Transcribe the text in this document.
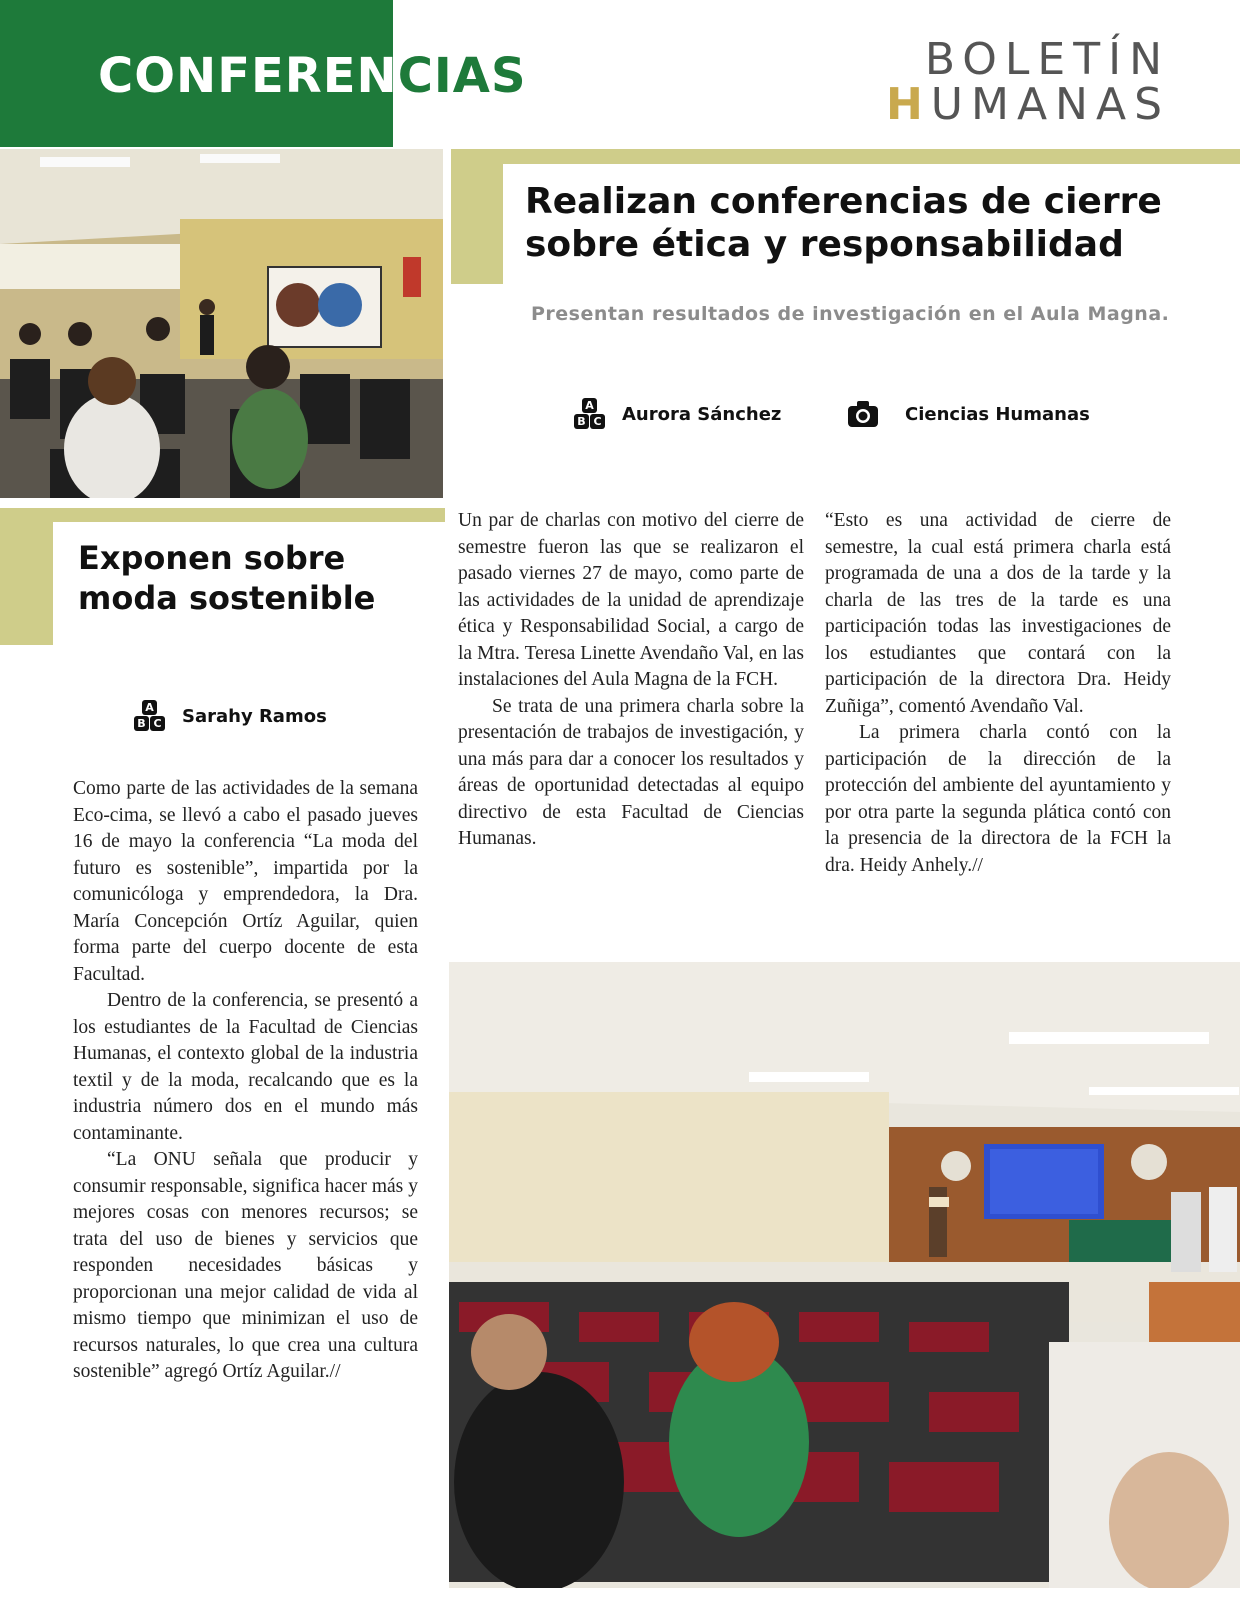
CONFERENCIAS	BOLETÍN
HUMANAS
Realizan conferencias de cierre sobre ética y responsabilidad
Presentan resultados de investigación en el Aula Magna.
A
B C Aurora Sánchez	Ciencias Humanas
Exponen sobre moda sostenible
A
B C Sarahy Ramos

Como parte de las actividades de la semana Eco-cima, se llevó a cabo el pasado jueves 16 de mayo la conferencia “La moda del futuro es sostenible”, impartida por la comunicóloga y emprendedora, la Dra. María Concepción Ortíz Aguilar, quien forma parte del cuerpo docente de esta Facultad.

Dentro de la conferencia, se presentó a los estudiantes de la Facultad de Ciencias Humanas, el contexto global de la industria textil y de la moda, recalcando que es la industria número dos en el mundo más contaminante.

“La ONU señala que producir y consumir responsable, significa hacer más y mejores cosas con menores recursos; se trata del uso de bienes y servicios que responden necesidades básicas y proporcionan una mejor calidad de vida al mismo tiempo que minimizan el uso de recursos naturales, lo que crea una cultura sostenible” agregó Ortíz Aguilar.//

Un par de charlas con motivo del cierre de semestre fueron las que se realizaron el pasado viernes 27 de mayo, como parte de las actividades de la unidad de aprendizaje ética y Responsabilidad Social, a cargo de la Mtra. Teresa Linette Avendaño Val, en las instalaciones del Aula Magna de la FCH.

Se trata de una primera charla sobre la presentación de trabajos de investigación, y una más para dar a conocer los resultados y áreas de oportunidad detectadas al equipo directivo de esta Facultad de Ciencias Humanas.

“Esto es una actividad de cierre de semestre, la cual está primera charla está programada de una a dos de la tarde y la charla de las tres de la tarde es una participación todas las investigaciones de los estudiantes que contará con la participación de la directora Dra. Heidy Zuñiga”, comentó Avendaño Val.

La primera charla contó con la participación de la dirección de la protección del ambiente del ayuntamiento y por otra parte la segunda plática contó con la presencia de la directora de la FCH la dra. Heidy Anhely.//
